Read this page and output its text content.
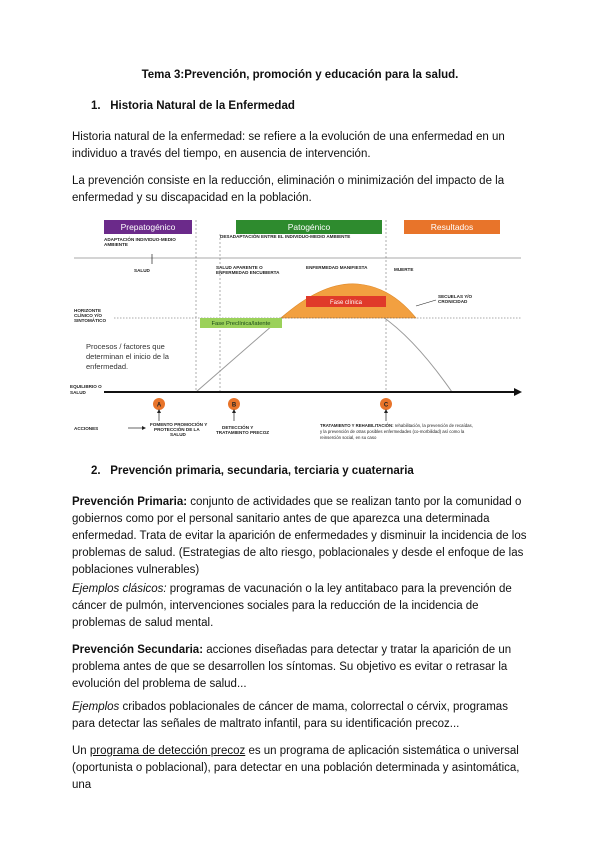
Tema 3:Prevención, promoción y educación para la salud.
1. Historia Natural de la Enfermedad

Historia natural de la enfermedad: se refiere a la evolución de una enfermedad en un individuo a través del tiempo, en ausencia de intervención.

La prevención consiste en la reducción, eliminación o minimización del impacto de la enfermedad y su discapacidad en la población.

Prepatogénico	Patogénico	Resultados
ADAPTACIÓN INDIVIDUO-MEDIO
AMBIENTE
DESADAPTACIÓN ENTRE EL INDIVIDUO-MEDIO AMBIENTE
SALUD
SALUD APARENTE O
ENFERMEDAD ENCUBIERTA
ENFERMEDAD MANIFIESTA	MUERTE
SECUELAS Y/O
CRONICIDAD
HORIZONTE
CLÍNICO Y/O
SINTOMÁTICO
Fase clínica
Fase Preclínica/latente
Procesos / factores que
determinan el inicio de la
enfermedad.
EQUILIBRIO O
SALUD
A	B	C
ACCIONES
FOMENTO PROMOCIÓN Y
PROTECCIÓN DE LA
SALUD
DETECCIÓN Y
TRATAMIENTO PRECOZ
TRATAMIENTO Y REHABILITACIÓN: rehabilitación, la prevención de recaídas,
y la prevención de otras posibles enfermedades (co-morbilidad) así como la
reinserción social, en su caso
2. Prevención primaria, secundaria, terciaria y cuaternaria

Prevención Primaria: conjunto de actividades que se realizan tanto por la comunidad o gobiernos como por el personal sanitario antes de que aparezca una determinada enfermedad. Trata de evitar la aparición de enfermedades y disminuir la incidencia de los problemas de salud. (Estrategias de alto riesgo, poblacionales y desde el enfoque de las poblaciones vulnerables)

Ejemplos clásicos: programas de vacunación o la ley antitabaco para la prevención de cáncer de pulmón, intervenciones sociales para la reducción de la incidencia de problemas de salud mental.

Prevención Secundaria: acciones diseñadas para detectar y tratar la aparición de un problema antes de que se desarrollen los síntomas. Su objetivo es evitar o retrasar la evolución del problema de salud...

Ejemplos cribados poblacionales de cáncer de mama, colorrectal o cérvix, programas para detectar las señales de maltrato infantil, para su identificación precoz...

Un programa de detección precoz es un programa de aplicación sistemática o universal (oportunista o poblacional), para detectar en una población determinada y asintomática, una
